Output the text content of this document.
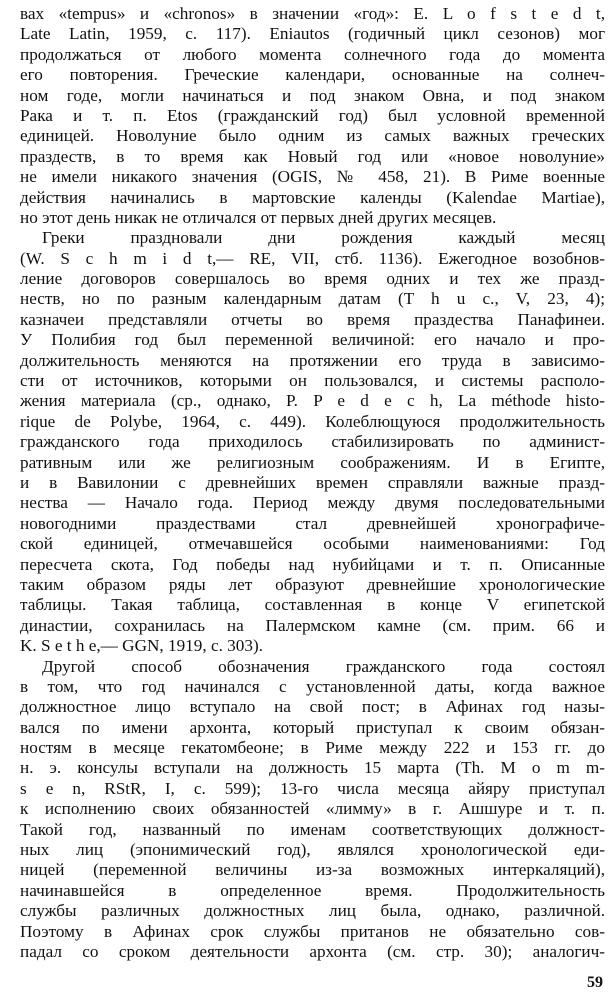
вах «tempus» и «chronos» в значении «год»: E. L o f s t e d t,
Late Latin, 1959, с. 117). Eniautos (годичный цикл сезонов) мог
продолжаться от любого момента солнечного года до момента
его повторения. Греческие календари, основанные на солнеч-
ном годе, могли начинаться и под знаком Овна, и под знаком
Рака и т. п. Etos (гражданский год) был условной временной
единицей. Новолуние было одним из самых важных греческих
праздеств, в то время как Новый год или «новое новолуние»
не имели никакого значения (OGIS, № 458, 21). В Риме военные
действия начинались в мартовские календы (Kalendae Martiae),
но этот день никак не отличался от первых дней других месяцев.
Греки праздновали дни рождения каждый месяц
(W. S c h m i d t,— RE, VII, стб. 1136). Ежегодное возобнов-
ление договоров совершалось во время одних и тех же празд-
неств, но по разным календарным датам (T h u c., V, 23, 4);
казначеи представляли отчеты во время праздества Панафинеи.
У Полибия год был переменной величиной: его начало и про-
должительность меняются на протяжении его труда в зависимо-
сти от источников, которыми он пользовался, и системы располо-
жения материала (ср., однако, P. P e d e c h, La méthode histo-
rique de Polybe, 1964, с. 449). Колеблющуюся продолжительность
гражданского года приходилось стабилизировать по админист-
ративным или же религиозным соображениям. И в Египте,
и в Вавилонии с древнейших времен справляли важные празд-
нества — Начало года. Период между двумя последовательными
новогодними праздествами стал древнейшей хронографиче-
ской единицей, отмечавшейся особыми наименованиями: Год
пересчета скота, Год победы над нубийцами и т. п. Описанные
таким образом ряды лет образуют древнейшие хронологические
таблицы. Такая таблица, составленная в конце V египетской
династии, сохранилась на Палермском камне (см. прим. 66 и
K. S e t h e,— GGN, 1919, с. 303).
Другой способ обозначения гражданского года состоял
в том, что год начинался с установленной даты, когда важное
должностное лицо вступало на свой пост; в Афинах год назы-
вался по имени архонта, который приступал к своим обязан-
ностям в месяце гекатомбеоне; в Риме между 222 и 153 гг. до
н. э. консулы вступали на должность 15 марта (Th. M o m m-
s e n, RStR, I, с. 599); 13-го числа месяца айяру приступал
к исполнению своих обязанностей «лимму» в г. Ашшуре и т. п.
Такой год, названный по именам соответствующих должност-
ных лиц (эпонимический год), являлся хронологической еди-
ницей (переменной величины из-за возможных интеркаляций),
начинавшейся в определенное время. Продолжительность
службы различных должностных лиц была, однако, различной.
Поэтому в Афинах срок службы пританов не обязательно сов-
падал со сроком деятельности архонта (см. стр. 30); аналогич-
59
